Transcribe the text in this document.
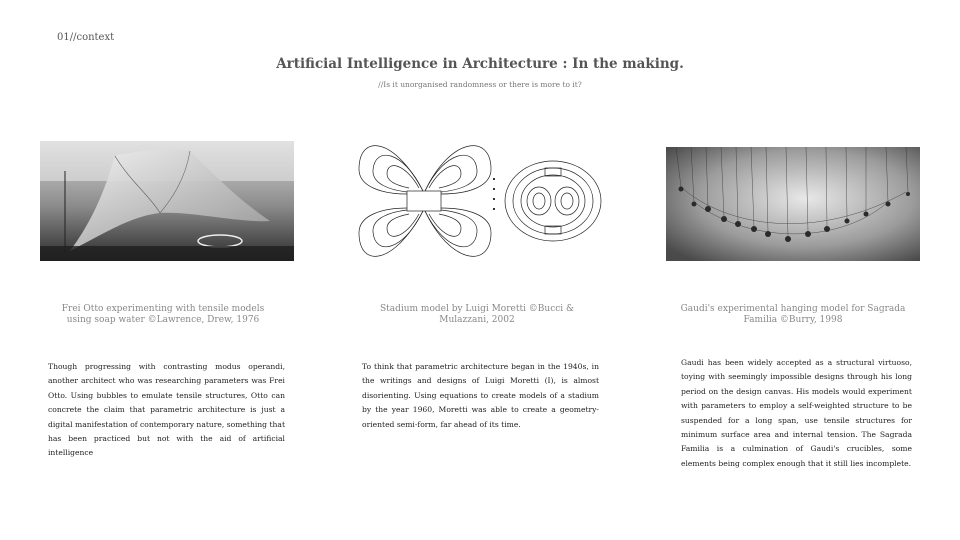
01//context
Artificial Intelligence in Architecture : In the making.
//Is it unorganised randomness or there is more to it?
Frei Otto experimenting with tensile models using soap water ©Lawrence, Drew, 1976
Stadium model by Luigi Moretti ©Bucci & Mulazzani, 2002
Gaudi's experimental hanging model for Sagrada Familia ©Burry, 1998
Though progressing with contrasting modus operandi, another architect who was researching parameters was Frei Otto. Using bubbles to emulate tensile structures, Otto can concrete the claim that parametric architecture is just a digital manifestation of contemporary nature, something that has been practiced but not with the aid of artificial intelligence
To think that parametric architecture began in the 1940s, in the writings and designs of Luigi Moretti (I), is almost disorienting. Using equations to create models of a stadium by the year 1960, Moretti was able to create a geometry-oriented semi-form, far ahead of its time.
Gaudi has been widely accepted as a structural virtuoso, toying with seemingly impossible designs through his long period on the design canvas. His models would experiment with parameters to employ a self-weighted structure to be suspended for a long span, use tensile structures for minimum surface area and internal tension. The Sagrada Familia is a culmination of Gaudi's crucibles, some elements being complex enough that it still lies incomplete.
